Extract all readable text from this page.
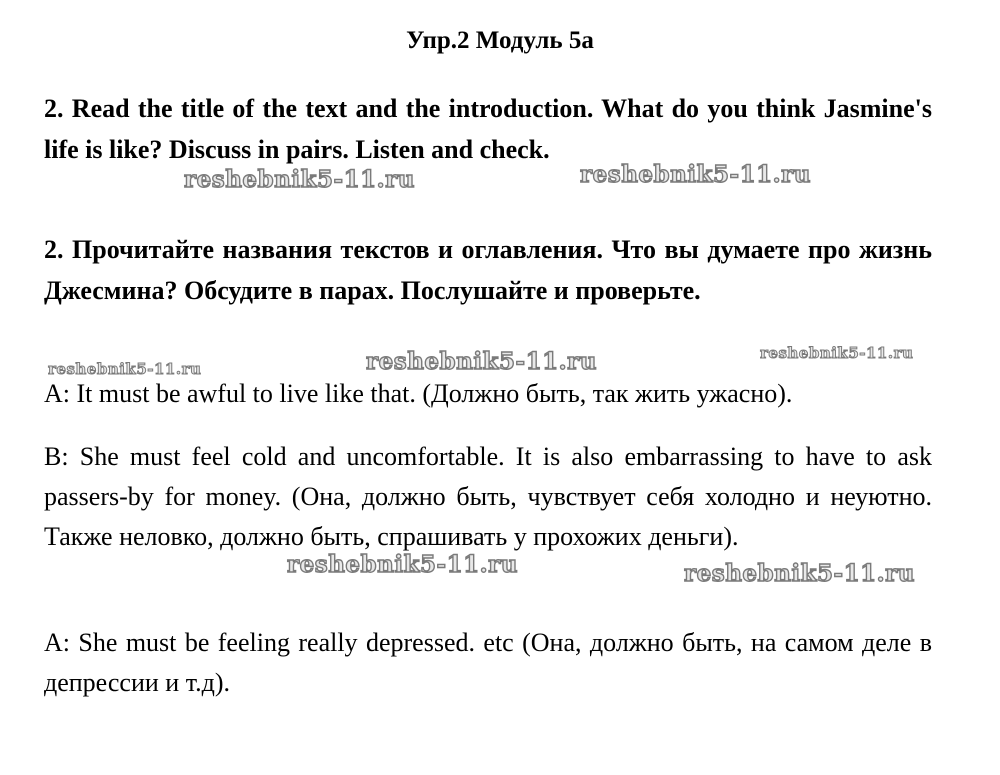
Упр.2 Модуль 5а
2. Read the title of the text and the introduction. What do you think Jasmine's life is like? Discuss in pairs. Listen and check.
2. Прочитайте названия текстов и оглавления. Что вы думаете про жизнь Джесмина? Обсудите в парах. Послушайте и проверьте.
A: It must be awful to live like that. (Должно быть, так жить ужасно).
B: She must feel cold and uncomfortable. It is also embarrassing to have to ask passers-by for money. (Она, должно быть, чувствует себя холодно и неуютно. Также неловко, должно быть, спрашивать у прохожих деньги).
A: She must be feeling really depressed. etc (Она, должно быть, на самом деле в депрессии и т.д).
reshebnik5-11.ru	reshebnik5-11.ru
reshebnik5-11.ru	reshebnik5-11.ru	reshebnik5-11.ru
reshebnik5-11.ru	reshebnik5-11.ru
